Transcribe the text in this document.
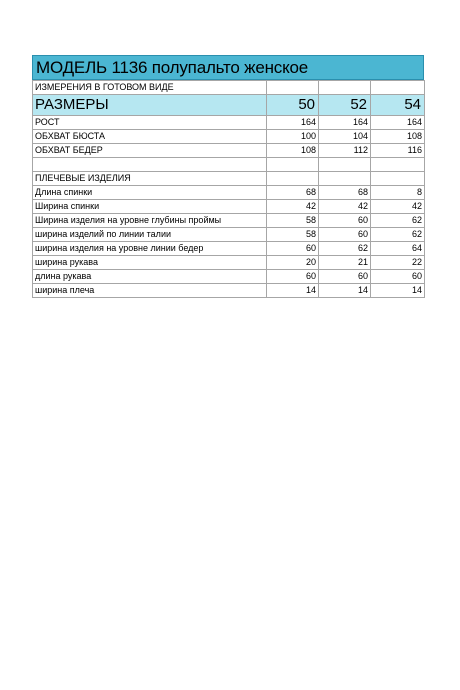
МОДЕЛЬ 1136 полупальто женское
ИЗМЕРЕНИЯ В ГОТОВОМ ВИДЕ			
РАЗМЕРЫ	50	52	54
РОСТ	164	164	164
ОБХВАТ БЮСТА	100	104	108
ОБХВАТ БЕДЕР	108	112	116

ПЛЕЧЕВЫЕ ИЗДЕЛИЯ			
Длина спинки	68	68	8
Ширина спинки	42	42	42
Ширина изделия на уровне глубины проймы	58	60	62
ширина изделий по линии талии	58	60	62
ширина изделия на уровне линии бедер	60	62	64
ширина рукава	20	21	22
длина рукава	60	60	60
ширина плеча	14	14	14
